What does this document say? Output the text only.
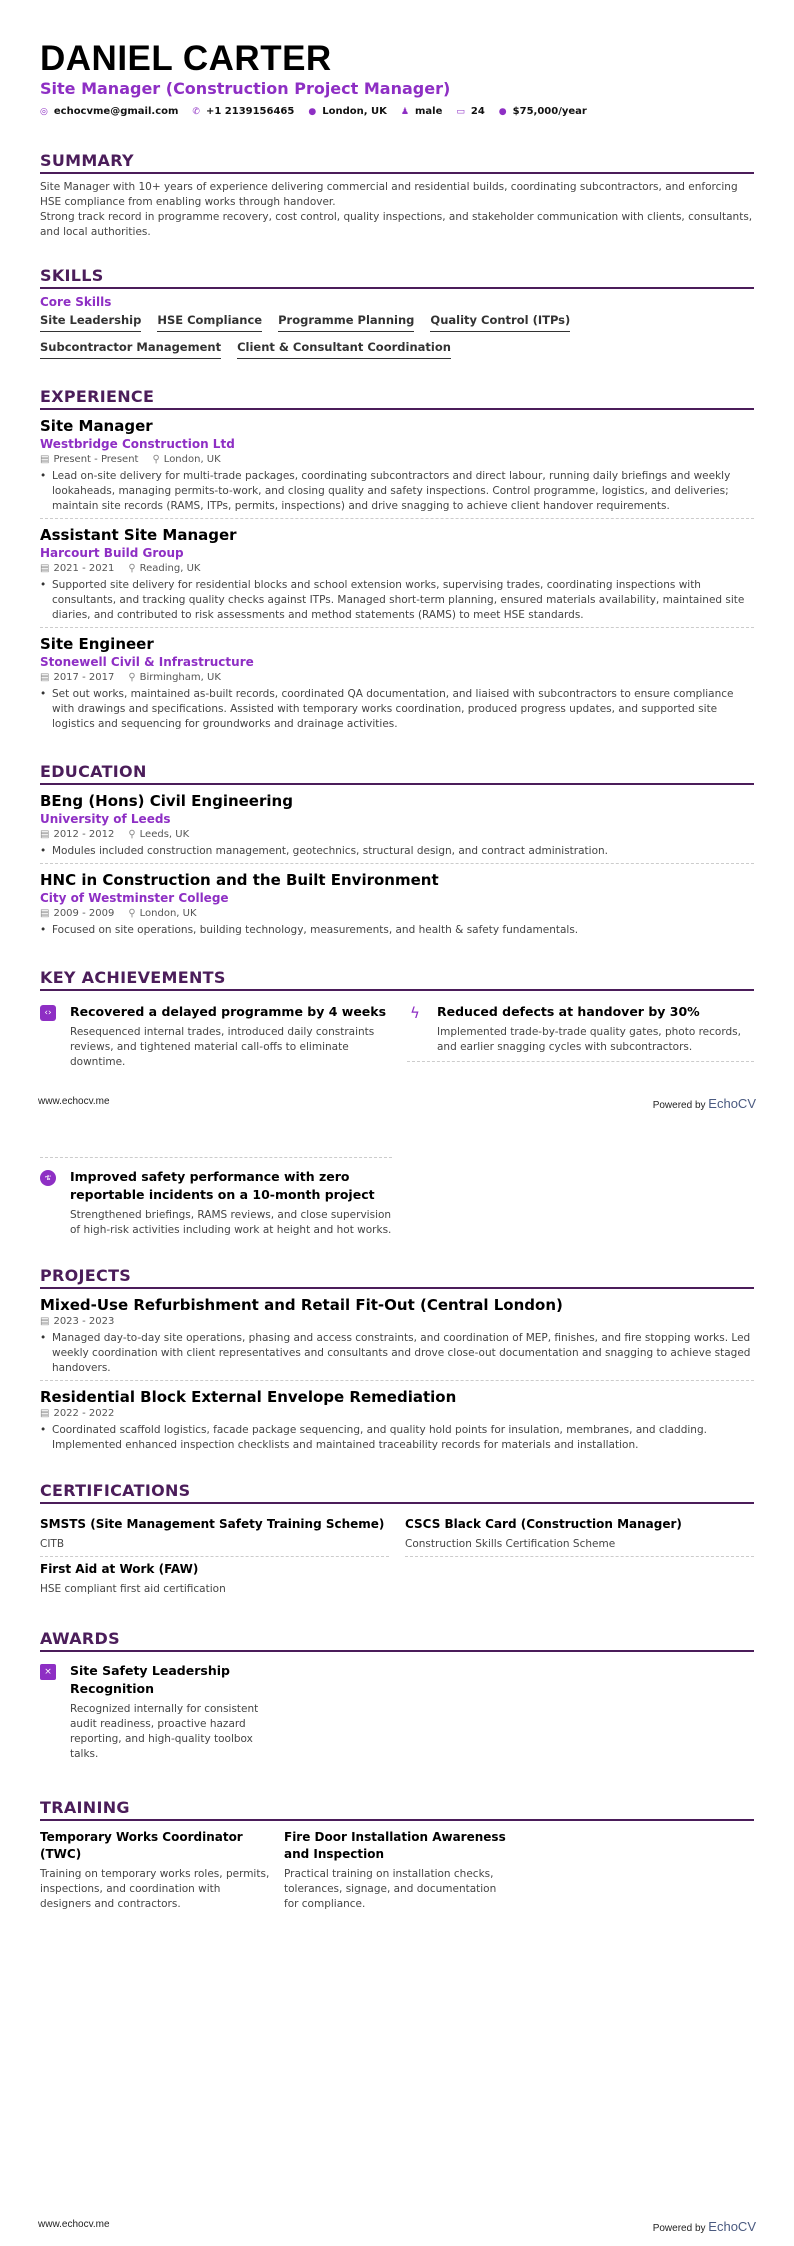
DANIEL CARTER
Site Manager (Construction Project Manager)
◎ echocvme@gmail.com ✆ +1 2139156465 ● London, UK ♟ male ▭ 24 ● $75,000/year
SUMMARY

Site Manager with 10+ years of experience delivering commercial and residential builds, coordinating subcontractors, and enforcing HSE compliance from enabling works through handover.

Strong track record in programme recovery, cost control, quality inspections, and stakeholder communication with clients, consultants, and local authorities.

SKILLS
Core Skills
Site Leadership HSE Compliance Programme Planning Quality Control (ITPs)
Subcontractor Management Client & Consultant Coordination
EXPERIENCE
Site Manager
Westbridge Construction Ltd
▤ Present - Present ⚲ London, UK
• Lead on-site delivery for multi-trade packages, coordinating subcontractors and direct labour, running daily briefings and weekly lookaheads, managing permits-to-work, and closing quality and safety inspections. Control programme, logistics, and deliveries; maintain site records (RAMS, ITPs, permits, inspections) and drive snagging to achieve client handover requirements.
Assistant Site Manager
Harcourt Build Group
▤ 2021 - 2021 ⚲ Reading, UK
• Supported site delivery for residential blocks and school extension works, supervising trades, coordinating inspections with consultants, and tracking quality checks against ITPs. Managed short-term planning, ensured materials availability, maintained site diaries, and contributed to risk assessments and method statements (RAMS) to meet HSE standards.
Site Engineer
Stonewell Civil & Infrastructure
▤ 2017 - 2017 ⚲ Birmingham, UK
• Set out works, maintained as-built records, coordinated QA documentation, and liaised with subcontractors to ensure compliance with drawings and specifications. Assisted with temporary works coordination, produced progress updates, and supported site logistics and sequencing for groundworks and drainage activities.
EDUCATION
BEng (Hons) Civil Engineering
University of Leeds
▤ 2012 - 2012 ⚲ Leeds, UK
• Modules included construction management, geotechnics, structural design, and contract administration.
HNC in Construction and the Built Environment
City of Westminster College
▤ 2009 - 2009 ⚲ London, UK
• Focused on site operations, building technology, measurements, and health & safety fundamentals.
KEY ACHIEVEMENTS
‹›	Recovered a delayed programme by 4 weeks

Resequenced internal trades, introduced daily constraints reviews, and tightened material call-offs to eliminate downtime.

ϟ Reduced defects at handover by 30%

Implemented trade-by-trade quality gates, photo records, and earlier snagging cycles with subcontractors.

www.echocv.me	Powered by EchoCV
ቴ	Improved safety performance with zero reportable incidents on a 10-month project

Strengthened briefings, RAMS reviews, and close supervision of high-risk activities including work at height and hot works.

PROJECTS
Mixed-Use Refurbishment and Retail Fit-Out (Central London)
▤ 2023 - 2023
• Managed day-to-day site operations, phasing and access constraints, and coordination of MEP, finishes, and fire stopping works. Led weekly coordination with client representatives and consultants and drove close-out documentation and snagging to achieve staged handovers.
Residential Block External Envelope Remediation
▤ 2022 - 2022
• Coordinated scaffold logistics, facade package sequencing, and quality hold points for insulation, membranes, and cladding. Implemented enhanced inspection checklists and maintained traceability records for materials and installation.
CERTIFICATIONS
SMSTS (Site Management Safety Training Scheme)

CITB

CSCS Black Card (Construction Manager)

Construction Skills Certification Scheme

First Aid at Work (FAW)

HSE compliant first aid certification

AWARDS
×	Site Safety Leadership Recognition

Recognized internally for consistent audit readiness, proactive hazard reporting, and high-quality toolbox talks.

TRAINING
Temporary Works Coordinator (TWC)

Training on temporary works roles, permits, inspections, and coordination with designers and contractors.

Fire Door Installation Awareness and Inspection

Practical training on installation checks, tolerances, signage, and documentation for compliance.

www.echocv.me	Powered by EchoCV
